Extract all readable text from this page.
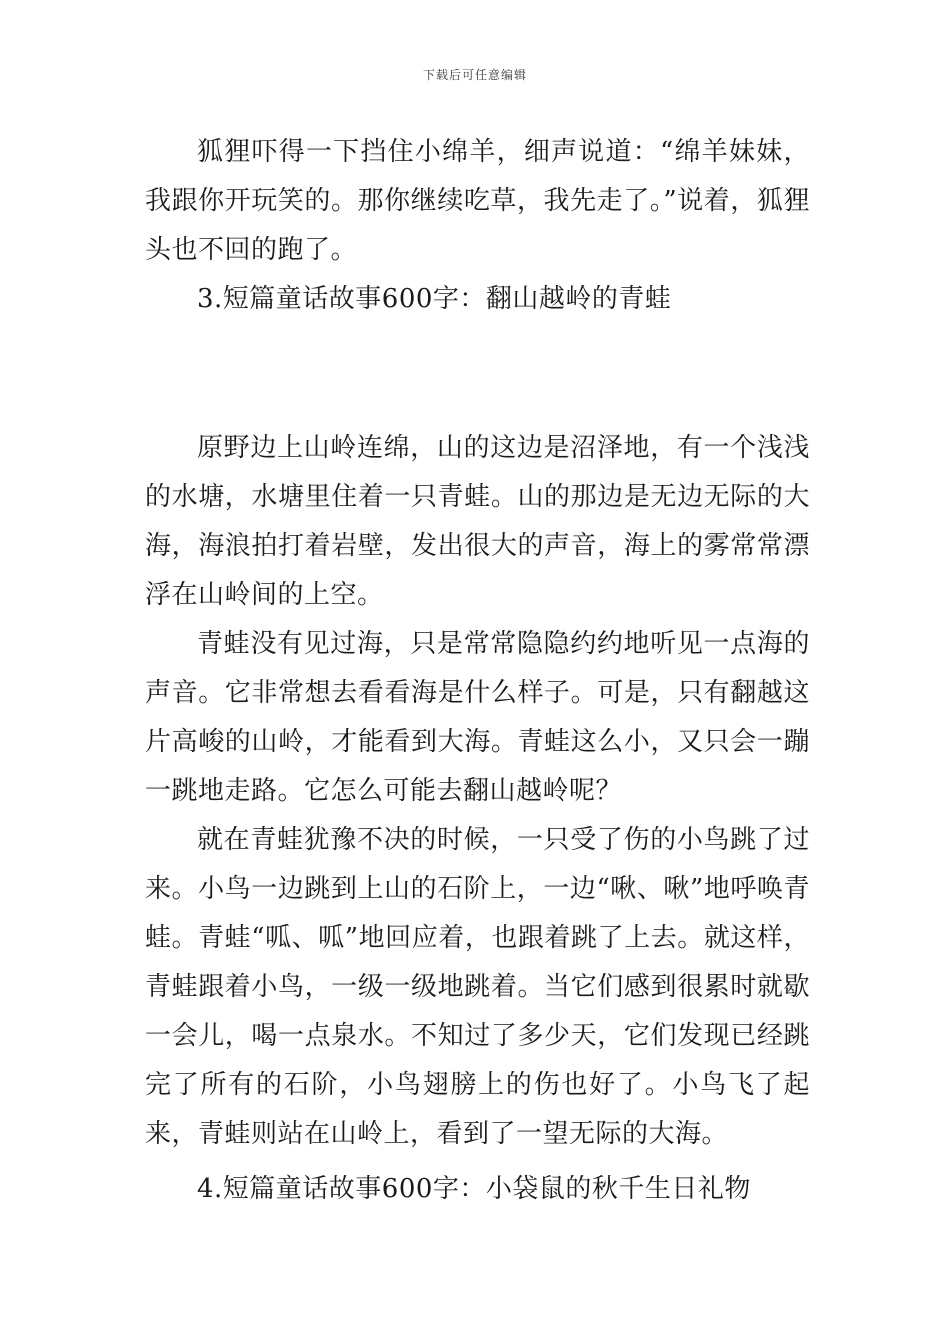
下载后可任意编辑

狐狸吓得一下挡住小绵羊，细声说道：“绵羊妹妹，我跟你开玩笑的。那你继续吃草，我先走了。”说着，狐狸头也不回的跑了。

3.短篇童话故事600字：翻山越岭的青蛙

原野边上山岭连绵，山的这边是沼泽地，有一个浅浅的水塘，水塘里住着一只青蛙。山的那边是无边无际的大海，海浪拍打着岩壁，发出很大的声音，海上的雾常常漂浮在山岭间的上空。

青蛙没有见过海，只是常常隐隐约约地听见一点海的声音。它非常想去看看海是什么样子。可是，只有翻越这片高峻的山岭，才能看到大海。青蛙这么小，又只会一蹦一跳地走路。它怎么可能去翻山越岭呢？

就在青蛙犹豫不决的时候，一只受了伤的小鸟跳了过来。小鸟一边跳到上山的石阶上，一边“啾、啾”地呼唤青蛙。青蛙“呱、呱”地回应着，也跟着跳了上去。就这样，青蛙跟着小鸟，一级一级地跳着。当它们感到很累时就歇一会儿，喝一点泉水。不知过了多少天，它们发现已经跳完了所有的石阶，小鸟翅膀上的伤也好了。小鸟飞了起来，青蛙则站在山岭上，看到了一望无际的大海。

4.短篇童话故事600字：小袋鼠的秋千生日礼物
